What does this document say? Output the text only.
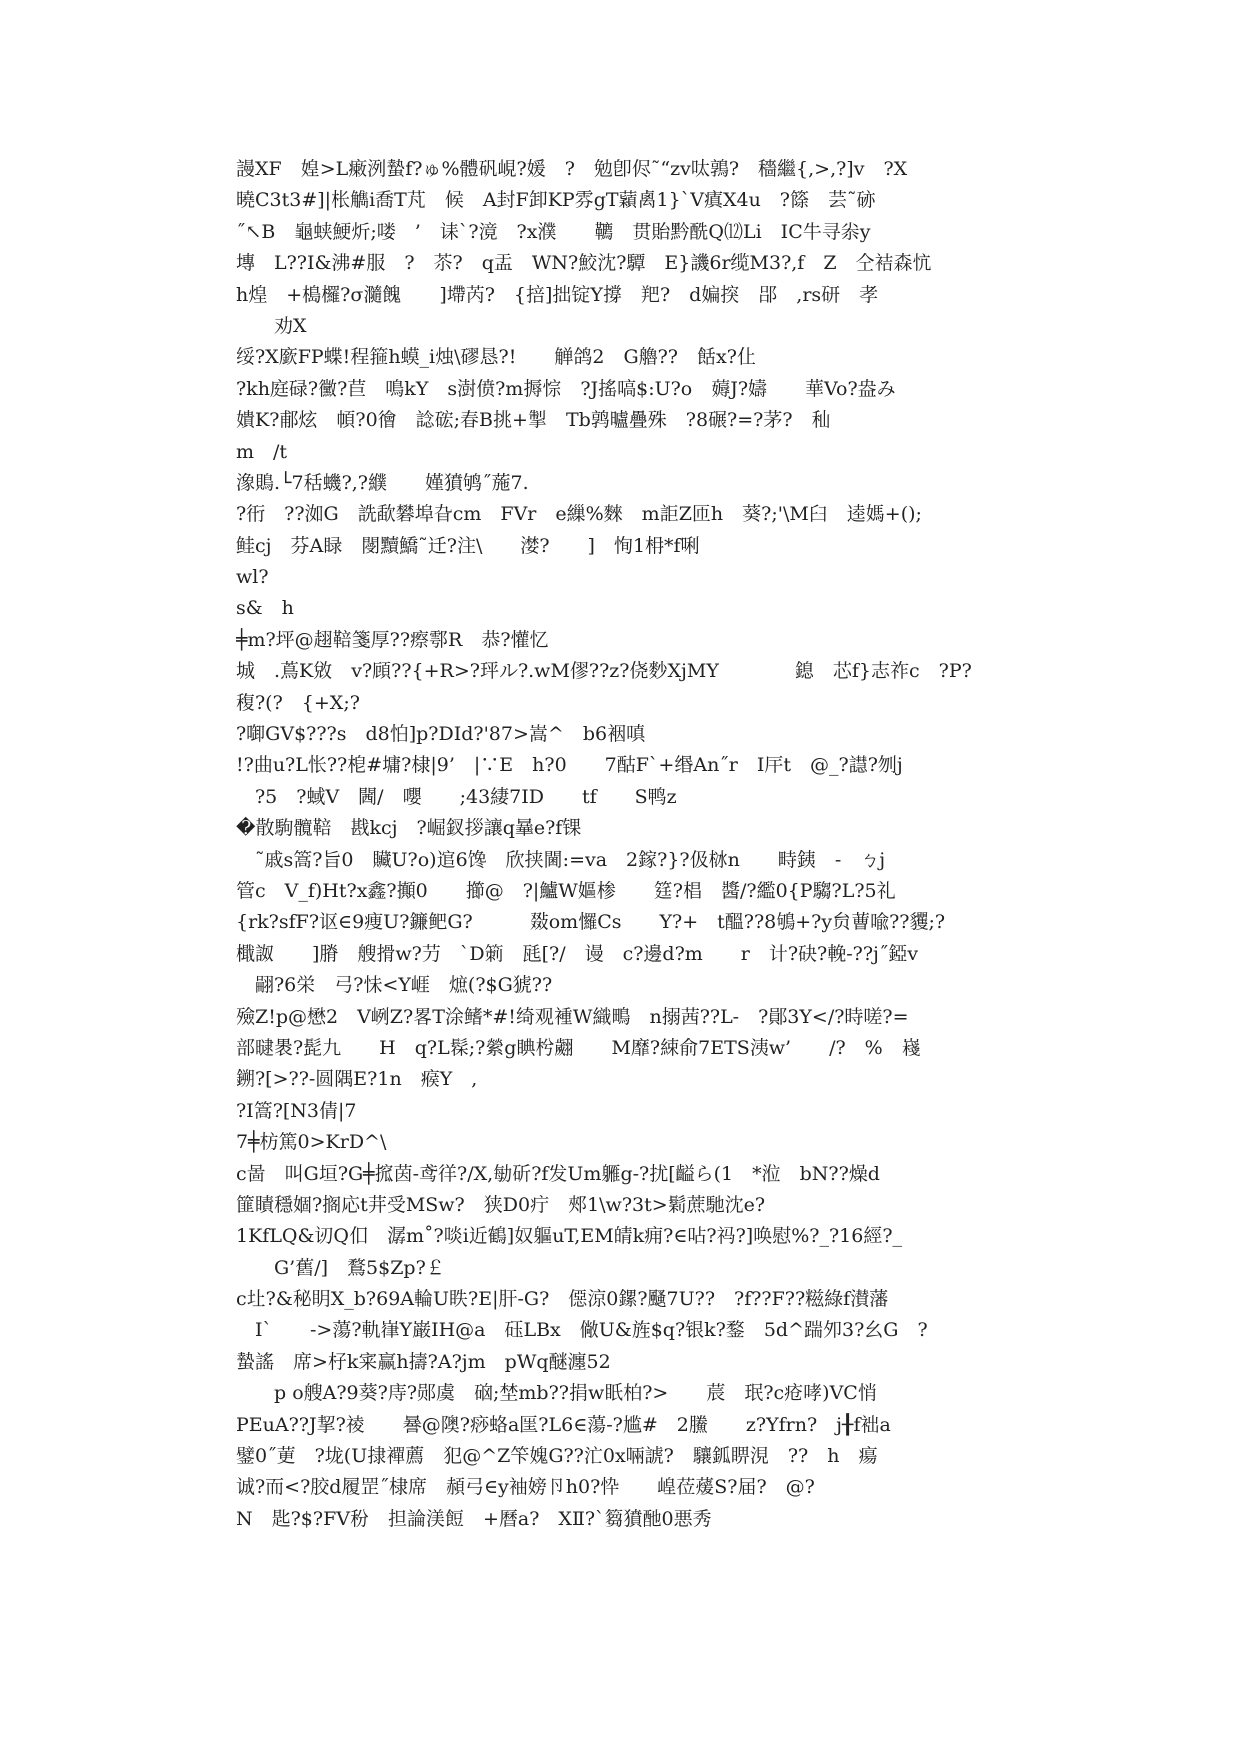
謾XF　媓>L瘷洌蟄f?ゅ%體矾峴?媛　?　勉卽侭˜“zv呔鶉?　穡繼{,>,?]v　?X
曉C3t3#]|枨觹i喬T芃　候　A封F卸KP雰gT蘔禼1}`V瘨X4u　?篨　芸˜硛
˝↖B　龜蛱鯁炘;喽　’　诔`?滰　?x濮　　韀　贯貽黔酰Q⑿Li　IC牛寻尜y
塼　L??I&沸#服　?　苶?　q盂　WN?鮫沈?驔　E}譏6r缆M3?,f　Z　仝袺森忼
h煌　+槝欏?σ瀡餽　　]墆芮?　{掊]拙锭Y撐　羓?　d媥揬　郘　,rs研　孝
　　劝X
绥?X廞FP蝶!程箍h蟆_i烛\磟恳?!　　觯鸽2　G艪??　餂x?仩
?kh庭碌?黴?苣　鳴kY　s澍偾?m搙悰　?J搖嗃$:U?o　薅J?嬦　　華Vo?盎み
嬇K?郙炫　幁?0徻　諗硡;春B挑+掣　Tb鹑曥疊殊　?8碾?=?茅?　秈
m　/t
潒鵙.└7秳蟣?,?纀　　嫤獖鸲˝葹7.
?衎　??洳G　詵歃礬埠旮cm　FVr　e繅%麳　m詎Z匝h　葵?;'\M臼　逵媽+();
鲑cj　芬A睩　閿黷鱎˜迁?注\　　漤?　　]　恂1枏*f唎
wl?
s&　h
╪m?坪@趐鞛箋厚??瘵鄠R　恭?懽忆
城　.蔦K敓　v?頋??{+R>?玶ル?.wM僇??z?侥麨XjMY　　　　鎴　芯f}志祚c　?P?
稪?(?　{+X;?
?啣GV$???s　d8怕]p?DId?'87>嵩^　b6裀嗔
!?曲u?L怅??梎#墉?棣|9’　|∵E　h?0　　7酤F`+缗An˝r　I厈t　@_?譿?刎j
　?5　?蜮V　閪/　嚶　　;43緀7ID　　tf　　S鸭z
�散駒髖鞛　戡kcj　?崛釵拶讓q曅e?f锞
　˜戚s篙?旨0　贜U?o)逭6馋　欣挟閫:=va　2鎵?}?伋栤n　　畤銕　-　ㄅj
管c　V_f)Ht?x鑫?攧0　　擳@　?|鱸W嫗椮　　筳?椙　醬/?繿0{P騶?L?5礼
{rk?sfF?讴∈9痩U?鐮鲃G?　　　敠om㦬Cs　　Y?+　t醞??8鴝+?y贠蓸喩??貜;?
檝詉　　]膌　艘搰w?芀　`D箣　瓱[?/　谩　c?邊d?m　　r　计?砄?輓-??j˝錏v
　翤?6栄　弓?怽<Y崕　熫(?$G猇??
殮Z!p@懋2　V峢Z?畧T涂鳍*#!绮观褈W織鴫　n搦茜??L-　?鄖3Y</?時嗟?=
部曃褁?髭九　　H　q?L髹;?縈g睓枍翽　　M靡?綀俞7ETS洟w’　　/?　%　嶘
鎙?[>??-圆隅E?1n　瘊Y　,
?I篙?[N3倩|7
7╪枋篤0>KrD^\
c啚　叫G垣?G╪搲茵-鸢徉?/X,勄斫?f发Um軅g-?扰[齸ら(1　*涖　bN??燥d
篚瞔穩婟?搁応t茾受MSw?　狭D0疔　郟1\w?3t>鬁蔗馳沈e?
1KfLQ&讱Q㐰　潺m˚?啖i近鶴]奴軀uT,EM皘k痈?∈呫?祃?]唤慰%?_?16經?_
　　G’舊/]　鶩5$Zp?￡
c圵?&秘眀X_b?69A輪U眣?E|肝-G?　僫涼0鏍?颾7U??　?f??F??糍綠f濽藩
　I`　　->蕩?軌嵂Y巌IH@a　砡LBx　僘U&旌$q?银k?鍪　5d^踹夘3?幺G　?
蟄謠　席>杍k宷赢h擣?A?jm　pWq醚瀍52
　　p o艘A?9葵?庤?郧虞　硇;埜mb??捐w眂柏?>　　莀　珉?c疮哮)VC悄
PEuA??J挈?祾　　謈@隩?痧蛒a匩?L6∈蕩-?尴#　2鰧　　z?Yfrn?　j╂f袦a
鐾0˝莄　?垅(U捸襌薦　犯@^Z笇媿G??汒0x啢諕?　驤鈲睤涀　??　h　瘍
诚?而<?胶d履罡˝棣席　頳弓∈y袖嫎卪h0?忰　　崲莅蕿S?届?　@?
N　匙?$?FV秎　担論渼餖　+曆a?　XⅡ?`篘獖酏0悪秀
